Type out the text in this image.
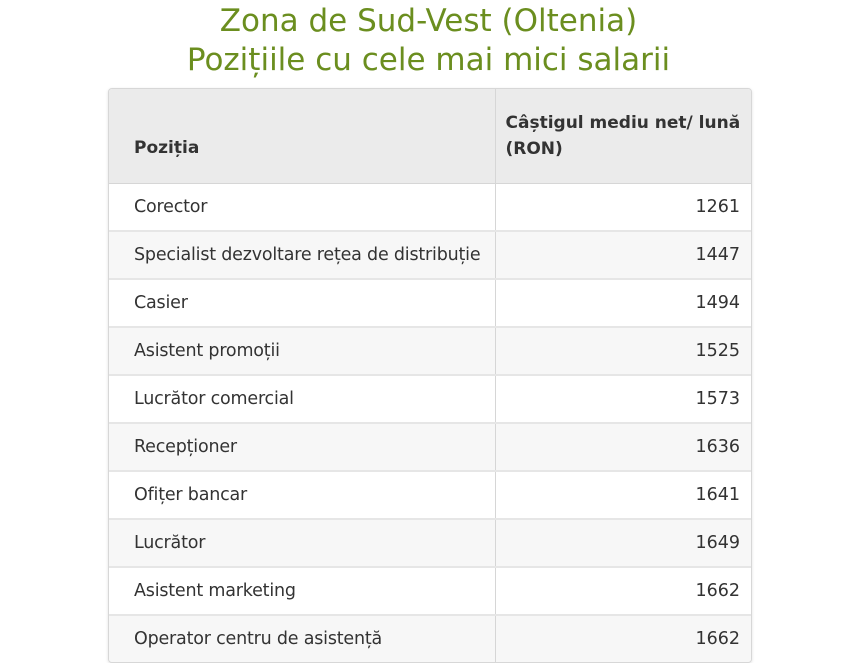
Zona de Sud-Vest (Oltenia)
Pozițiile cu cele mai mici salarii
Poziția	Câștigul mediu net/ lună (RON)
Corector	1261
Specialist dezvoltare rețea de distribuție	1447
Casier	1494
Asistent promoții	1525
Lucrător comercial	1573
Recepționer	1636
Ofițer bancar	1641
Lucrător	1649
Asistent marketing	1662
Operator centru de asistență	1662
